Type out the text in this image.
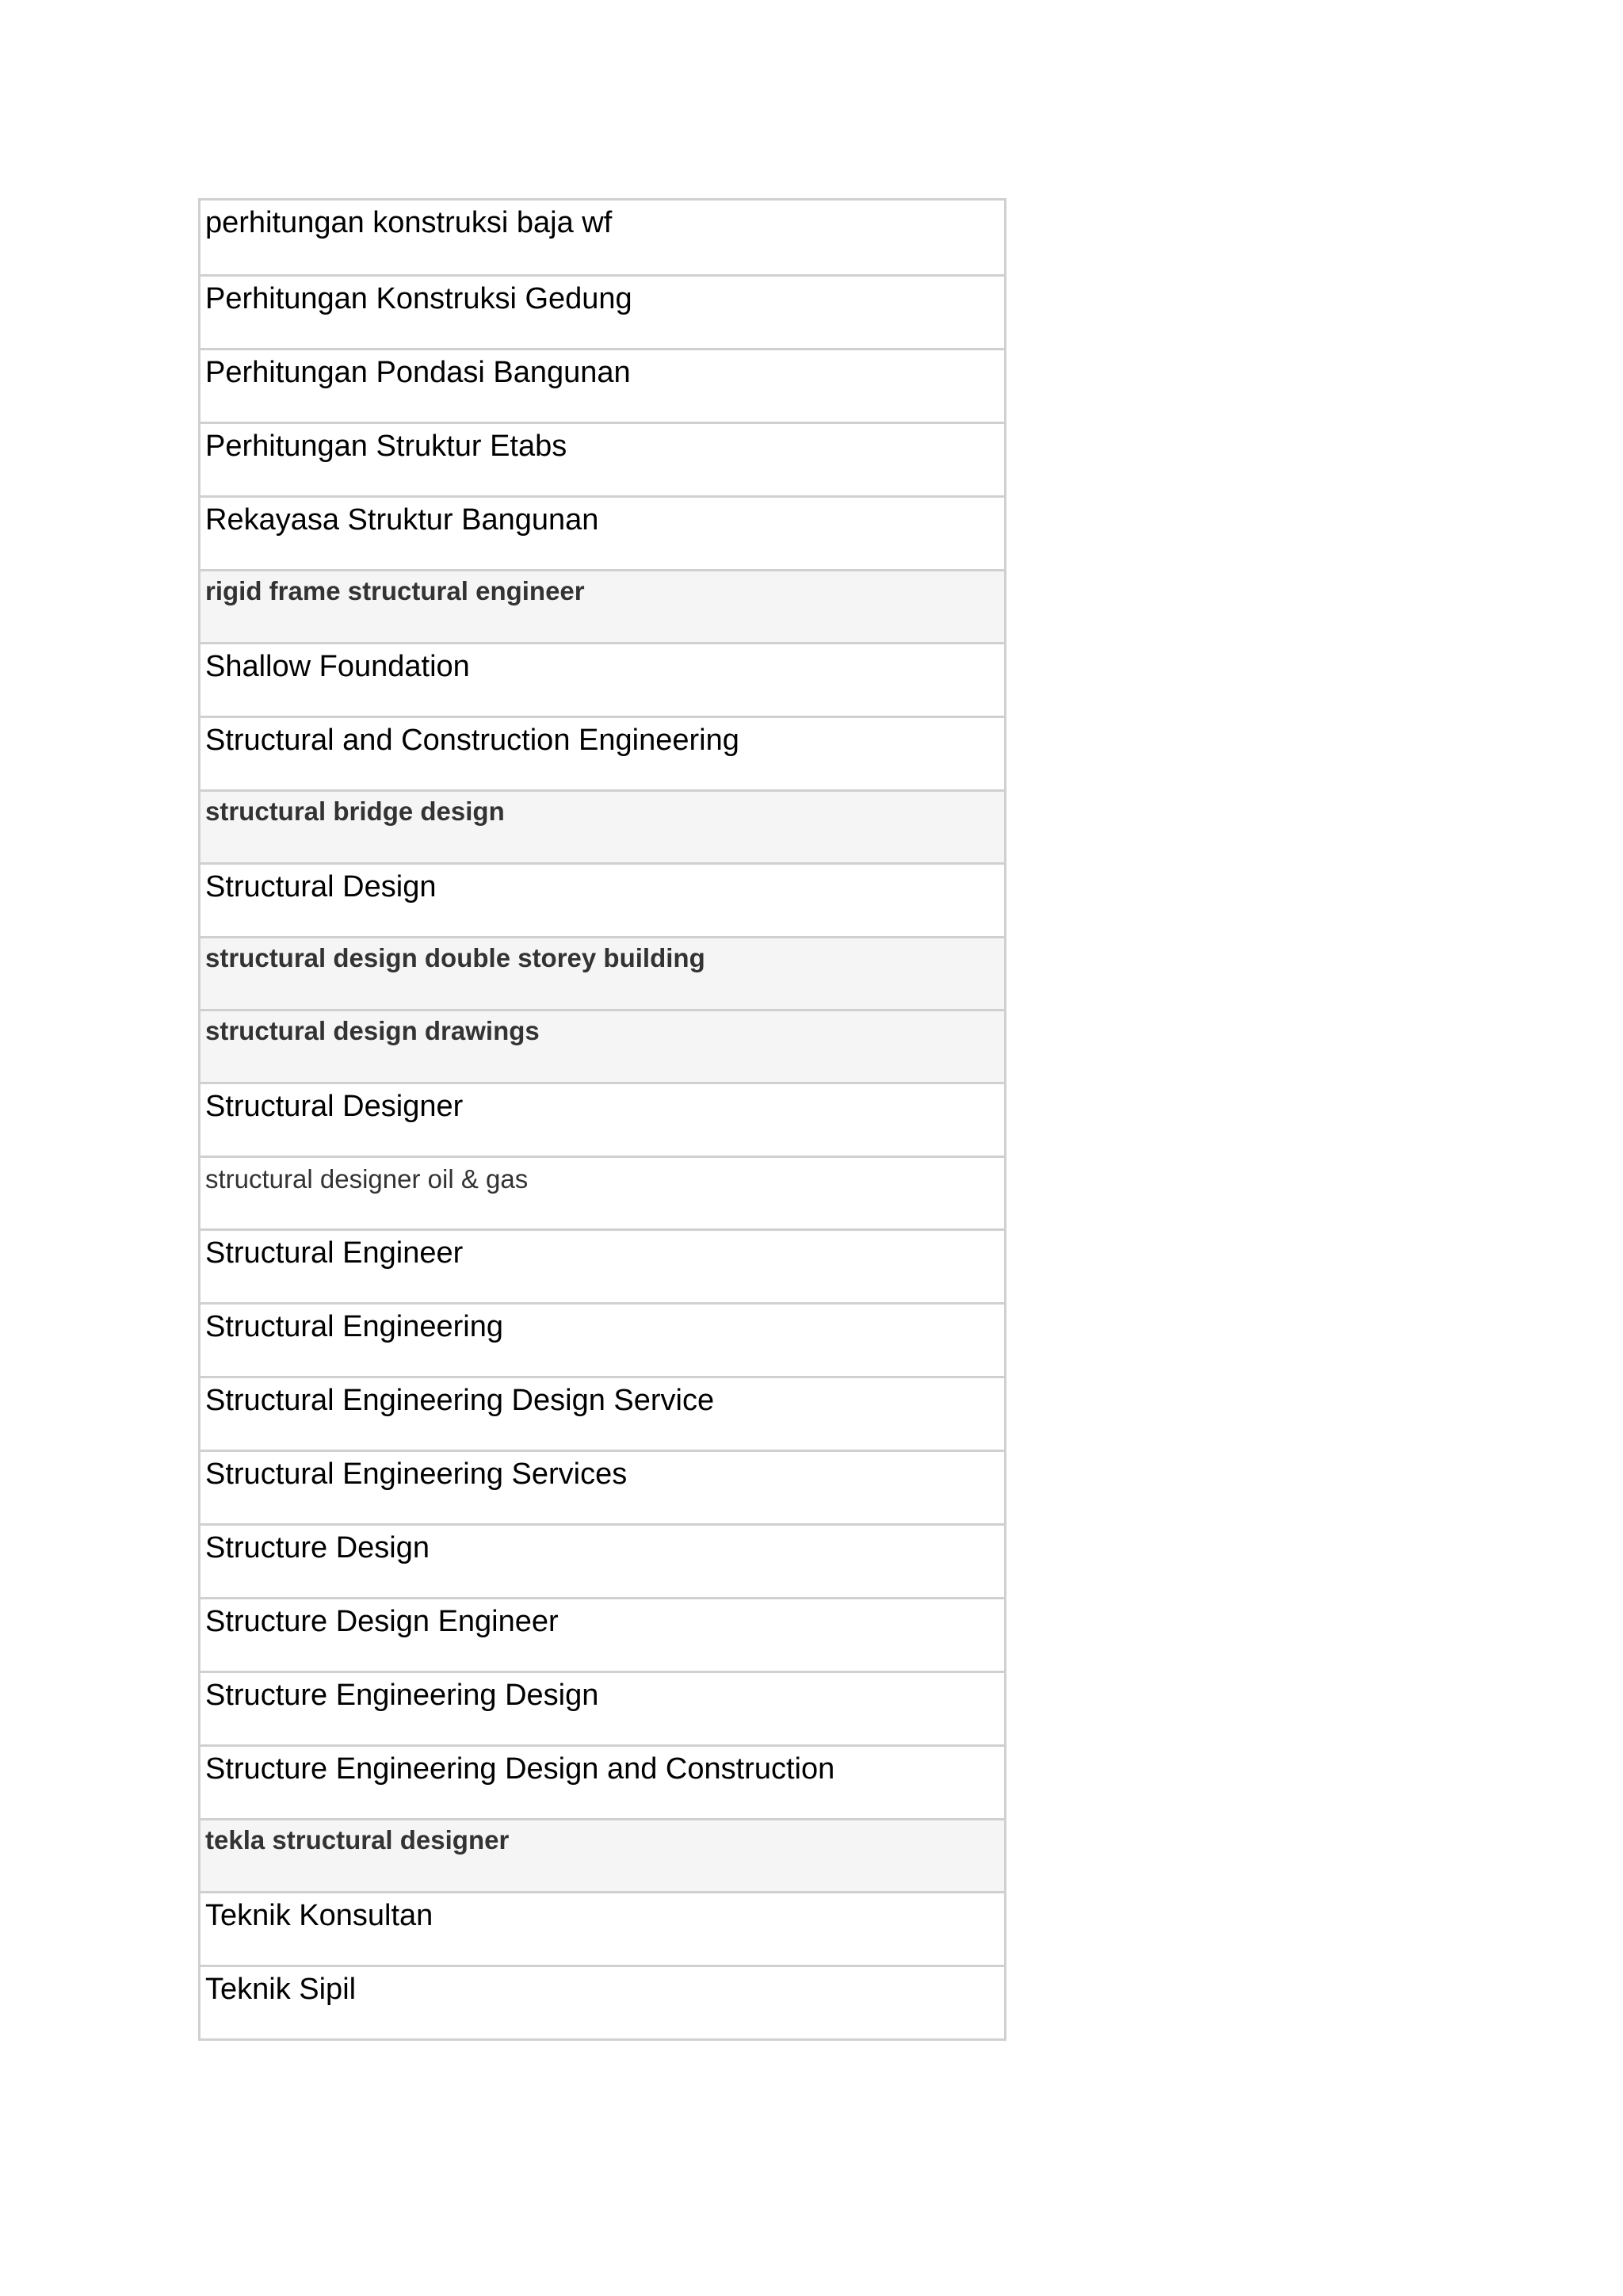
perhitungan konstruksi baja wf
Perhitungan Konstruksi Gedung
Perhitungan Pondasi Bangunan
Perhitungan Struktur Etabs
Rekayasa Struktur Bangunan
rigid frame structural engineer
Shallow Foundation
Structural and Construction Engineering
structural bridge design
Structural Design
structural design double storey building
structural design drawings
Structural Designer
structural designer oil & gas
Structural Engineer
Structural Engineering
Structural Engineering Design Service
Structural Engineering Services
Structure Design
Structure Design Engineer
Structure Engineering Design
Structure Engineering Design and Construction
tekla structural designer
Teknik Konsultan
Teknik Sipil
